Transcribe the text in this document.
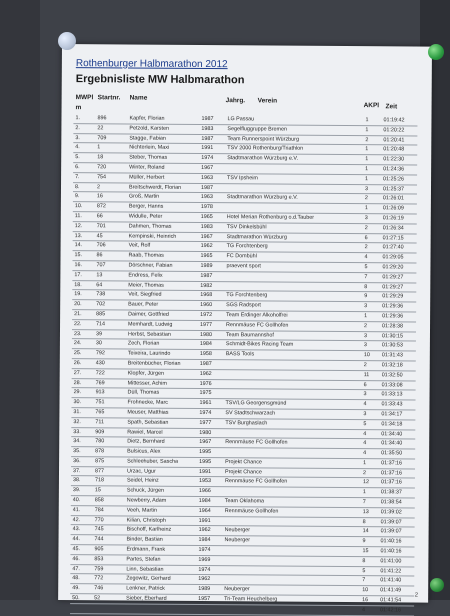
Rothenburger Halbmarathon 2012
Ergebnisliste MW Halbmarathon
MWPl Startnr. Name	Jahrg. Verein
AKPl Zeit
m
1.	896	Kapfer, Florian	1987	LG Passau	1	01:19:42
2.	22	Petzold, Karsten	1983	Segelfluggruppe Bremen	1	01:20:22
3.	709	Stagge, Fabian	1987	Team Runnerspoint Würzburg	2	01:20:41
4.	1	Nichterlein, Maxi	1991	TSV 2000 Rothenburg/Triathlon	1	01:20:48
5.	18	Steber, Thomas	1974	Stadtmarathon Würzburg e.V.	1	01:22:30
6.	720	Winter, Roland	1967	1	01:24:36
7.	754	Müller, Herbert	1963	TSV Ipsheim	1	01:25:26
8.	2	Breitschwerdt, Florian	1987	3	01:25:37
9.	16	Groß, Martin	1963	Stadtmarathon Würzburg e.V.	2	01:26:01
10.	872	Berger, Hanns	1978	1	01:26:09
11.	66	Widulle, Peter	1965	Hotel Merian Rothenburg o.d.Tauber	3	01:26:19
12.	701	Dahmen, Thomas	1983	TSV Dinkelsbühl	2	01:26:34
13.	45	Kempinski, Heinrich	1967	Stadtmarathon Würzburg	6	01:27:15
14.	706	Veit, Rolf	1962	TG Forchtenberg	2	01:27:40
15.	86	Raab, Thomas	1965	FC Dombühl	4	01:29:05
16.	707	Dörschner, Fabian	1989	praevent sport	5	01:29:20
17.	13	Endress, Felix	1987	7	01:29:27
18.	64	Meier, Thomas	1982	8	01:29:27
19.	738	Veit, Siegfried	1968	TG Forchtenberg	9	01:29:29
20.	702	Bauer, Peter	1960	SGS Radsport	3	01:29:36
21.	885	Daimer, Gottfried	1972	Team Erdinger Alkoholfrei	1	01:29:36
22.	714	Memhardt, Ludwig	1977	Rennmäuse FC Gollhofen	2	01:28:38
23.	39	Herbst, Sebastian	1980	Team Baumannshof	3	01:30:15
24.	30	Zech, Florian	1984	Schmidt-Bikes Racing Team	3	01:30:53
25.	792	Teixeira, Laurindo	1958	BASS Tools	10 01:31:43
26.	430	Breitenbücher, Florian	1987	2	01:32:18
27.	722	Klopfer, Jürgen	1962	11 01:32:50
28.	769	Mittesser, Achim	1976	6	01:33:08
29.	913	Düll, Thomas	1975	3	01:33:13
30.	751	Frohnecke, Marc	1961	TSV/LG Georgensgmünd	4	01:33:43
31.	765	Meuser, Matthias	1974	SV Stadtschwarzach	3	01:34:17
32.	711	Spath, Sebastian	1977	TSV Burghaslach	5	01:34:18
33.	909	Rawiel, Marcel	1980	4	01:34:40
34.	780	Dietz, Bernhard	1967	Rennmäuse FC Gollhofen	4	01:34:40
35.	878	Bulsicus, Alex	1995	4	01:35:50
36.	875	Schleehuber, Sascha	1995	Projekt Chance	1	01:37:16
37.	877	Urzac, Ugur	1991	Projekt Chance	2	01:37:16
38.	718	Seidel, Heinz	1953	Rennmäuse FC Gollhofen	12 01:37:16
39.	15	Schuck, Jürgen	1966	1	01:38:37
40.	858	Newberry, Adam	1984	Team Oklahoma	7	01:38:54
41.	784	Veeh, Martin	1964	Rennmäuse Gollhofen	13 01:39:02
42.	770	Kilian, Christoph	1991	8	01:39:07
43.	745	Bischoff, Karlheinz	1962	Neuberger	14 01:39:07
44.	744	Binder, Bastian	1984	Neuberger	9	01:40:16
45.	905	Erdmann, Frank	1974	15 01:40:16
46.	853	Partes, Stefan	1969	8	01:41:00
47.	759	Linn, Sebastian	1974	5	01:41:22
48.	772	Zegowitz, Gerhard	1962	7	01:41:40
49.	746	Lenkner, Patrick	1989	Neuberger	10 01:41:49
50.	52	Sieber, Eberhard	1957	Tri-Team Heuchelberg	16 01:41:54
4	01:42:16
2
